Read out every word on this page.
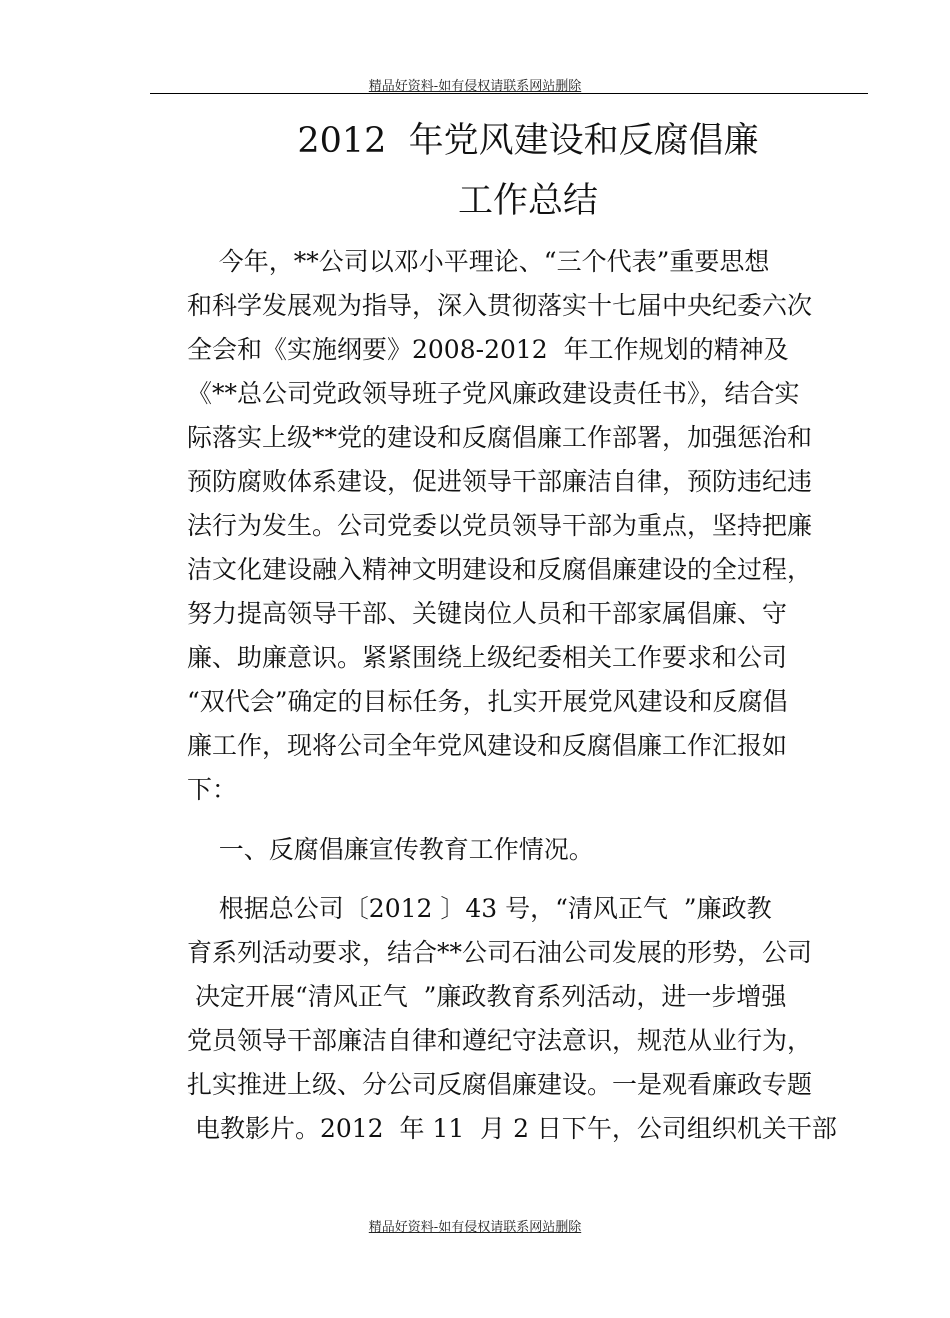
精品好资料-如有侵权请联系网站删除
2012  年党风建设和反腐倡廉
工作总结
今年，**公司以邓小平理论、“三个代表”重要思想
和科学发展观为指导，深入贯彻落实十七届中央纪委六次
全会和《实施纲要》2008-2012  年工作规划的精神及
《**总公司党政领导班子党风廉政建设责任书》，结合实
际落实上级**党的建设和反腐倡廉工作部署，加强惩治和
预防腐败体系建设，促进领导干部廉洁自律，预防违纪违
法行为发生。公司党委以党员领导干部为重点，坚持把廉
洁文化建设融入精神文明建设和反腐倡廉建设的全过程，
努力提高领导干部、关键岗位人员和干部家属倡廉、守
廉、助廉意识。紧紧围绕上级纪委相关工作要求和公司
“双代会”确定的目标任务，扎实开展党风建设和反腐倡
廉工作，现将公司全年党风建设和反腐倡廉工作汇报如
下：
一、反腐倡廉宣传教育工作情况。
根据总公司〔2012 〕43 号，“清风正气  ”廉政教
育系列活动要求，结合**公司石油公司发展的形势，公司
决定开展“清风正气  ”廉政教育系列活动，进一步增强
党员领导干部廉洁自律和遵纪守法意识，规范从业行为，
扎实推进上级、分公司反腐倡廉建设。一是观看廉政专题
电教影片。2012  年 11  月 2 日下午，公司组织机关干部
精品好资料-如有侵权请联系网站删除
